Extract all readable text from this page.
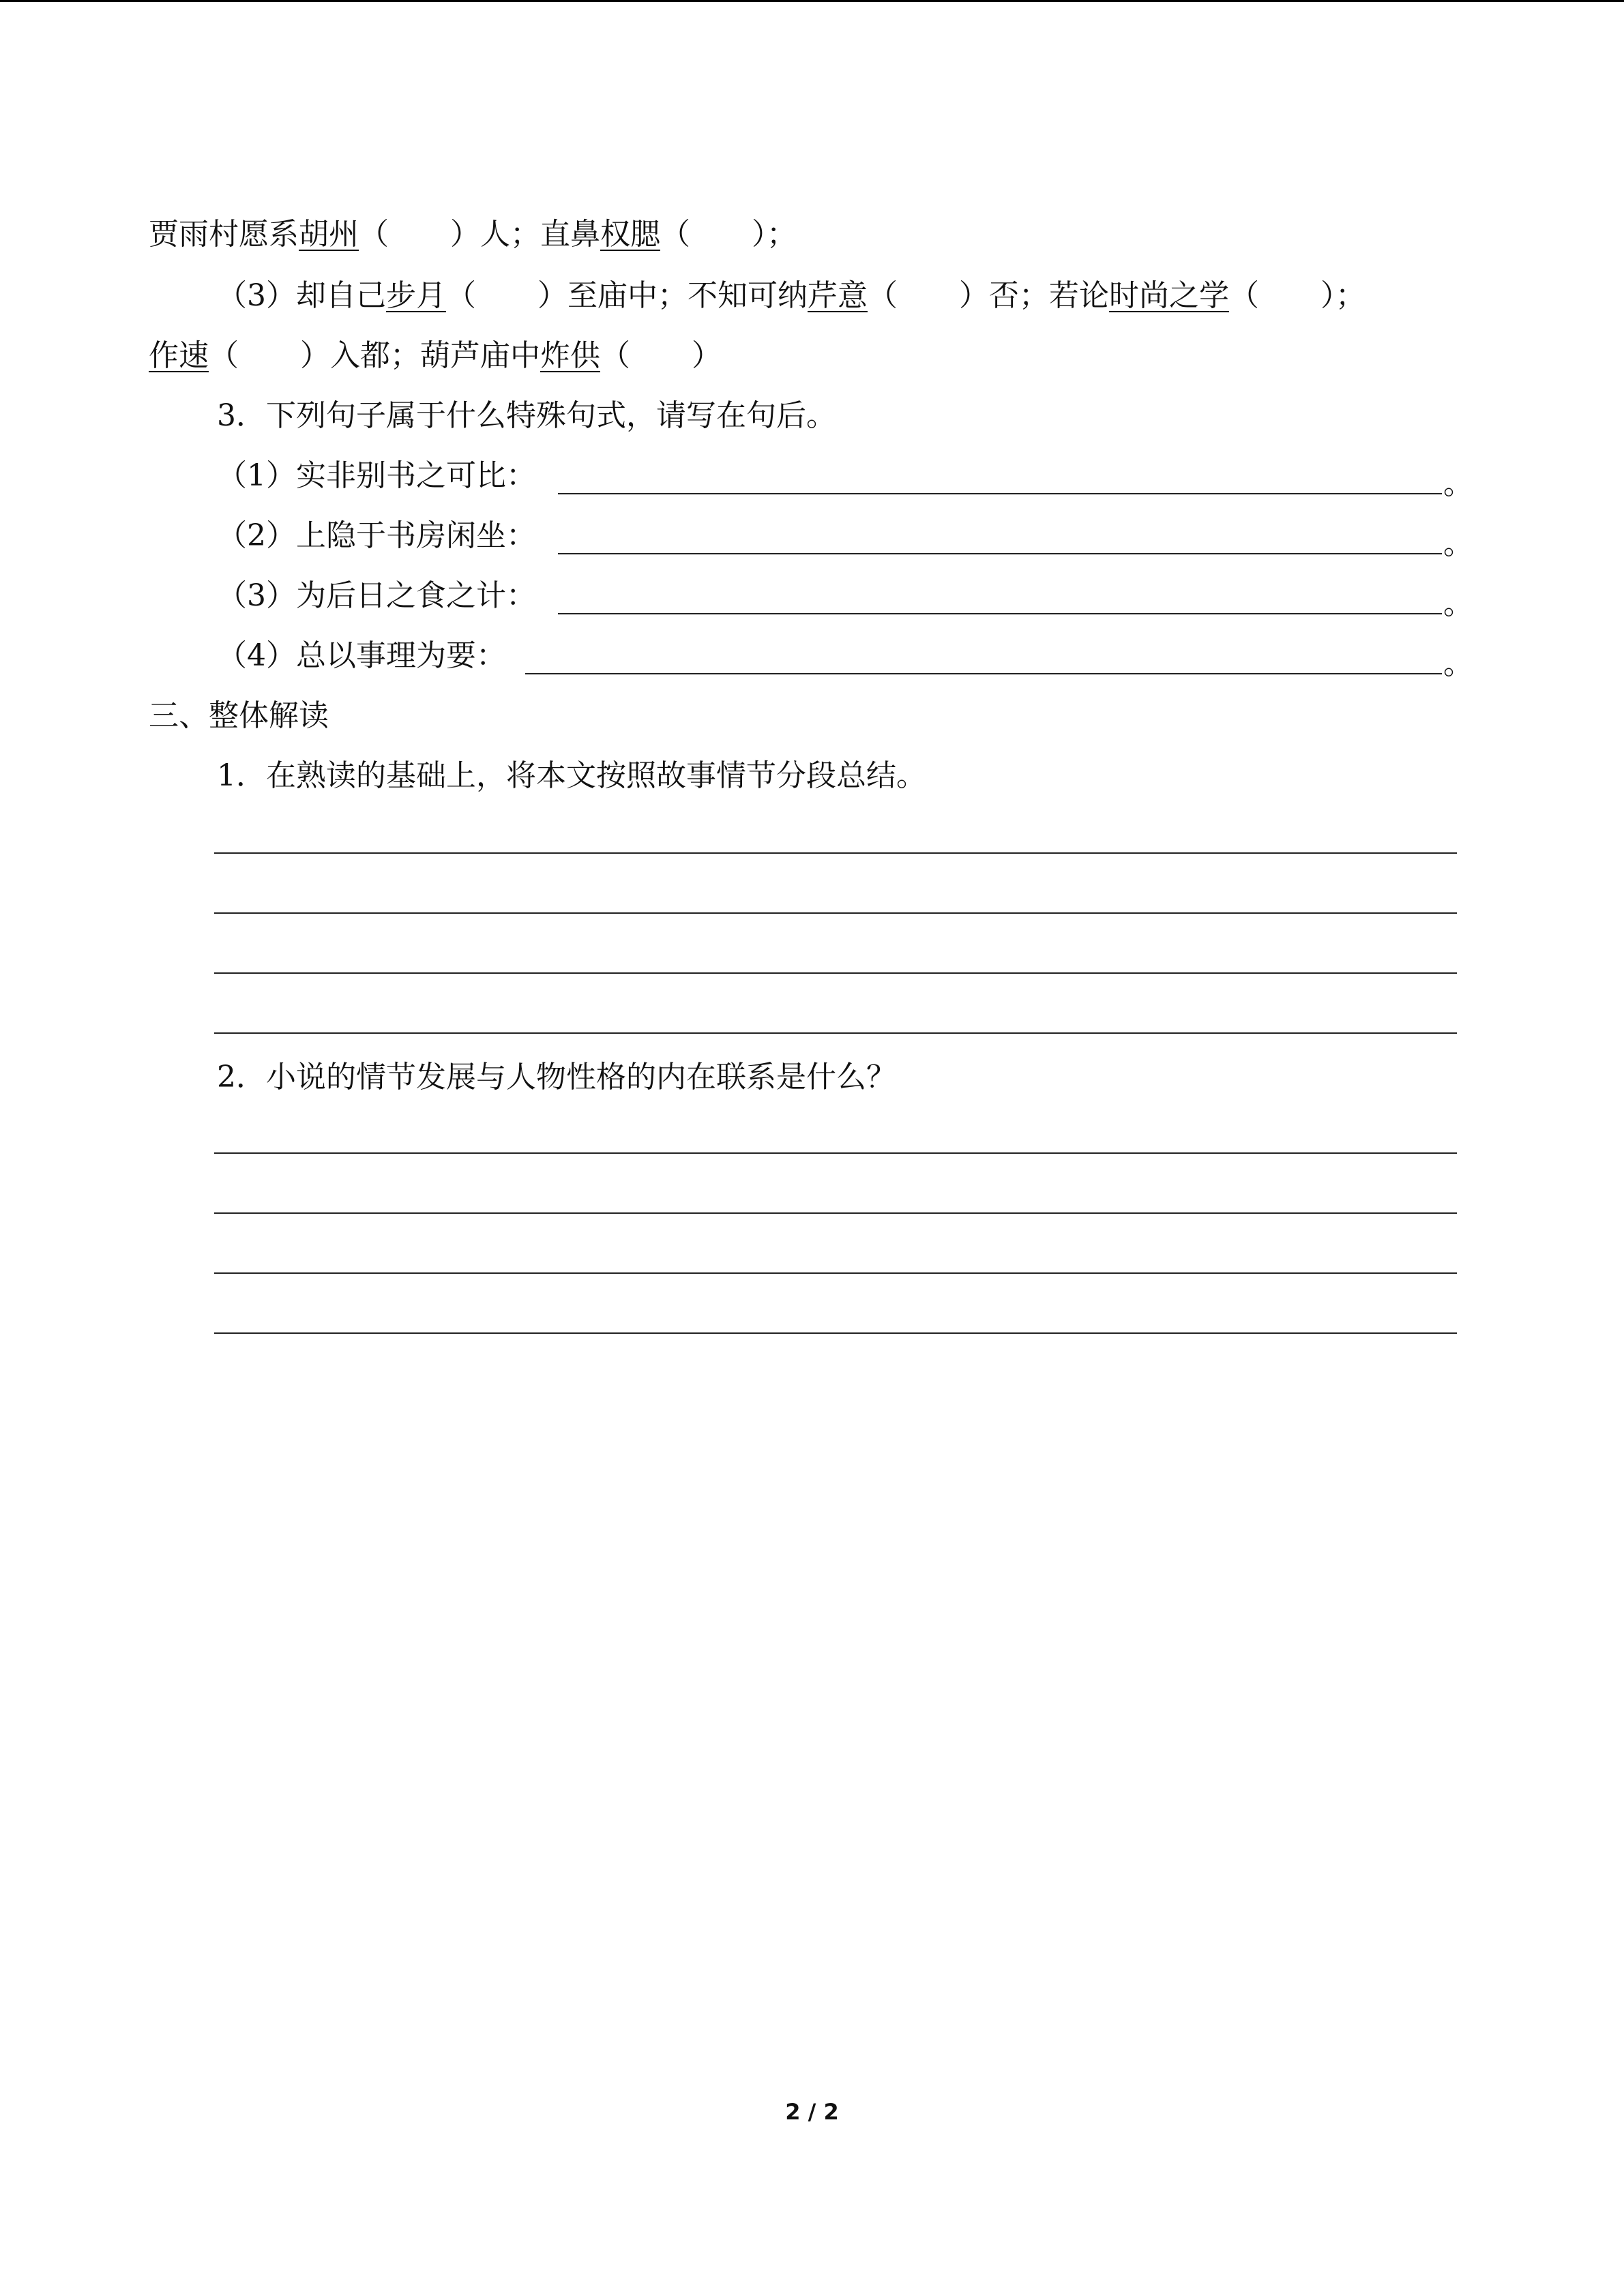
贾雨村愿系胡州（ ）人；直鼻权腮（ ）；
（3）却自己步月（ ）至庙中；不知可纳芹意（ ）否；若论时尚之学（ ）；
作速（ ）入都；葫芦庙中炸供（ ）
3．下列句子属于什么特殊句式，请写在句后。
（1）实非别书之可比：	。
（2）上隐于书房闲坐：	。
（3）为后日之食之计：	。
（4）总以事理为要：	。
三、整体解读
1．在熟读的基础上，将本文按照故事情节分段总结。
2．小说的情节发展与人物性格的内在联系是什么？
2 / 2
